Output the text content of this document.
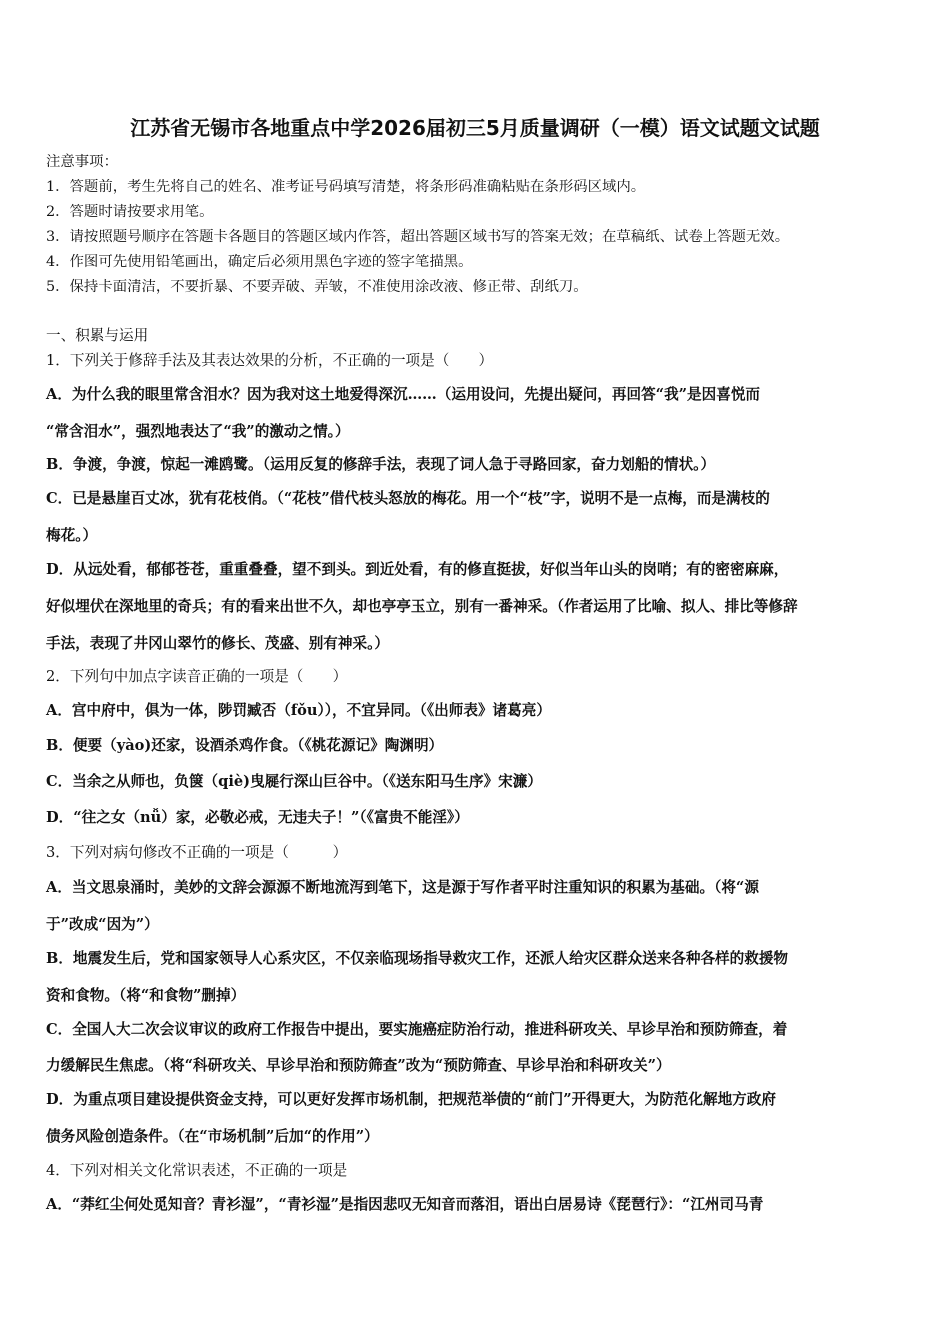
江苏省无锡市各地重点中学2026届初三5月质量调研（一模）语文试题文试题
注意事项：
1．答题前，考生先将自己的姓名、准考证号码填写清楚，将条形码准确粘贴在条形码区域内。
2．答题时请按要求用笔。
3．请按照题号顺序在答题卡各题目的答题区域内作答，超出答题区域书写的答案无效；在草稿纸、试卷上答题无效。
4．作图可先使用铅笔画出，确定后必须用黑色字迹的签字笔描黑。
5．保持卡面清洁，不要折暴、不要弄破、弄皱，不准使用涂改液、修正带、刮纸刀。
一、积累与运用
1．下列关于修辞手法及其表达效果的分析，不正确的一项是（　　）
A．为什么我的眼里常含泪水？因为我对这土地爱得深沉……（运用设问，先提出疑问，再回答“我”是因喜悦而
“常含泪水”，强烈地表达了“我”的激动之情。）
B．争渡，争渡，惊起一滩鸥鹭。（运用反复的修辞手法，表现了词人急于寻路回家，奋力划船的情状。）
C．已是悬崖百丈冰，犹有花枝俏。（“花枝”借代枝头怒放的梅花。用一个“枝”字，说明不是一点梅，而是满枝的
梅花。）
D．从远处看，郁郁苍苍，重重叠叠，望不到头。到近处看，有的修直挺拔，好似当年山头的岗哨；有的密密麻麻，
好似埋伏在深地里的奇兵；有的看来出世不久，却也亭亭玉立，别有一番神采。（作者运用了比喻、拟人、排比等修辞
手法，表现了井冈山翠竹的修长、茂盛、别有神采。）
2．下列句中加点字读音正确的一项是（　　）
A．宫中府中，俱为一体，陟罚臧否（fǒu）），不宜异同。（《出师表》诸葛亮）
B．便要（yào)还家，设酒杀鸡作食。（《桃花源记》陶渊明）
C．当余之从师也，负箧（qiè)曳屣行深山巨谷中。（《送东阳马生序》宋濂）
D．“往之女（nǚ）家，必敬必戒，无违夫子！”（《富贵不能淫》）
3．下列对病句修改不正确的一项是（　　　）
A．当文思泉涌时，美妙的文辞会源源不断地流泻到笔下，这是源于写作者平时注重知识的积累为基础。（将“源
于”改成“因为”）
B．地震发生后，党和国家领导人心系灾区，不仅亲临现场指导救灾工作，还派人给灾区群众送来各种各样的救援物
资和食物。（将“和食物”删掉）
C．全国人大二次会议审议的政府工作报告中提出，要实施癌症防治行动，推进科研攻关、早诊早治和预防筛查，着
力缓解民生焦虑。（将“科研攻关、早诊早治和预防筛查”改为“预防筛查、早诊早治和科研攻关”）
D．为重点项目建设提供资金支持，可以更好发挥市场机制，把规范举债的“前门”开得更大，为防范化解地方政府
债务风险创造条件。（在“市场机制”后加“的作用”）
4．下列对相关文化常识表述，不正确的一项是
A．“莽红尘何处觅知音？青衫湿”，“青衫湿”是指因悲叹无知音而落泪，语出白居易诗《琵琶行》：“江州司马青
